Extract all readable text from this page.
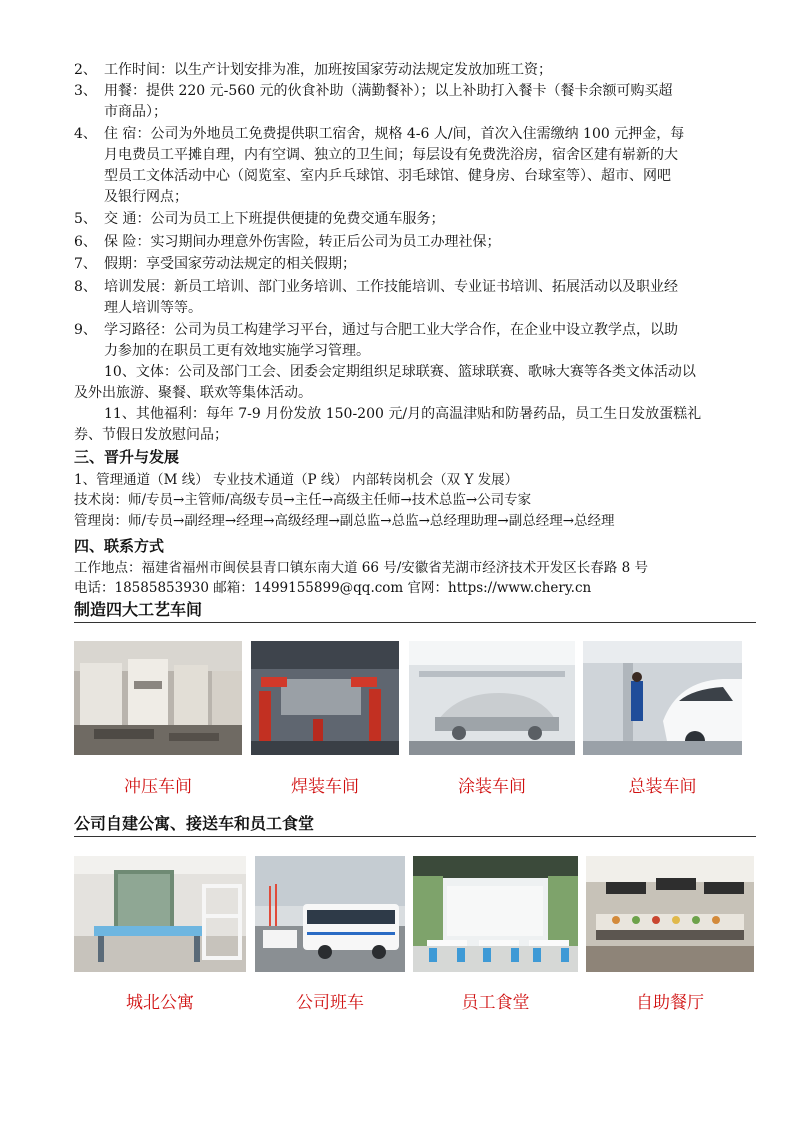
2、 工作时间：以生产计划安排为准，加班按国家劳动法规定发放加班工资；
3、 用餐：提供 220 元-560 元的伙食补助（满勤餐补）；以上补助打入餐卡（餐卡余额可购买超
市商品）；
4、 住 宿：公司为外地员工免费提供职工宿舍，规格 4-6 人/间，首次入住需缴纳 100 元押金，每
月电费员工平摊自理，内有空调、独立的卫生间；每层设有免费洗浴房，宿舍区建有崭新的大
型员工文体活动中心（阅览室、室内乒乓球馆、羽毛球馆、健身房、台球室等）、超市、网吧
及银行网点；
5、 交 通：公司为员工上下班提供便捷的免费交通车服务；
6、 保 险：实习期间办理意外伤害险，转正后公司为员工办理社保；
7、 假期：享受国家劳动法规定的相关假期；
8、 培训发展：新员工培训、部门业务培训、工作技能培训、专业证书培训、拓展活动以及职业经
理人培训等等。
9、 学习路径：公司为员工构建学习平台，通过与合肥工业大学合作，在企业中设立教学点，以助
力参加的在职员工更有效地实施学习管理。
10、文体：公司及部门工会、团委会定期组织足球联赛、篮球联赛、歌咏大赛等各类文体活动以
及外出旅游、聚餐、联欢等集体活动。
11、其他福利：每年 7-9 月份发放 150-200 元/月的高温津贴和防暑药品，员工生日发放蛋糕礼
券、节假日发放慰问品；
三、晋升与发展
1、管理通道（M 线） 专业技术通道（P 线） 内部转岗机会（双 Y 发展）
技术岗：师/专员→主管师/高级专员→主任→高级主任师→技术总监→公司专家
管理岗：师/专员→副经理→经理→高级经理→副总监→总监→总经理助理→副总经理→总经理
四、联系方式
工作地点：福建省福州市闽侯县青口镇东南大道 66 号/安徽省芜湖市经济技术开发区长春路 8 号
电话：18585853930 邮箱：1499155899@qq.com 官网：https://www.chery.cn
制造四大工艺车间
冲压车间	焊装车间	涂装车间	总装车间
公司自建公寓、接送车和员工食堂
城北公寓	公司班车	员工食堂	自助餐厅
